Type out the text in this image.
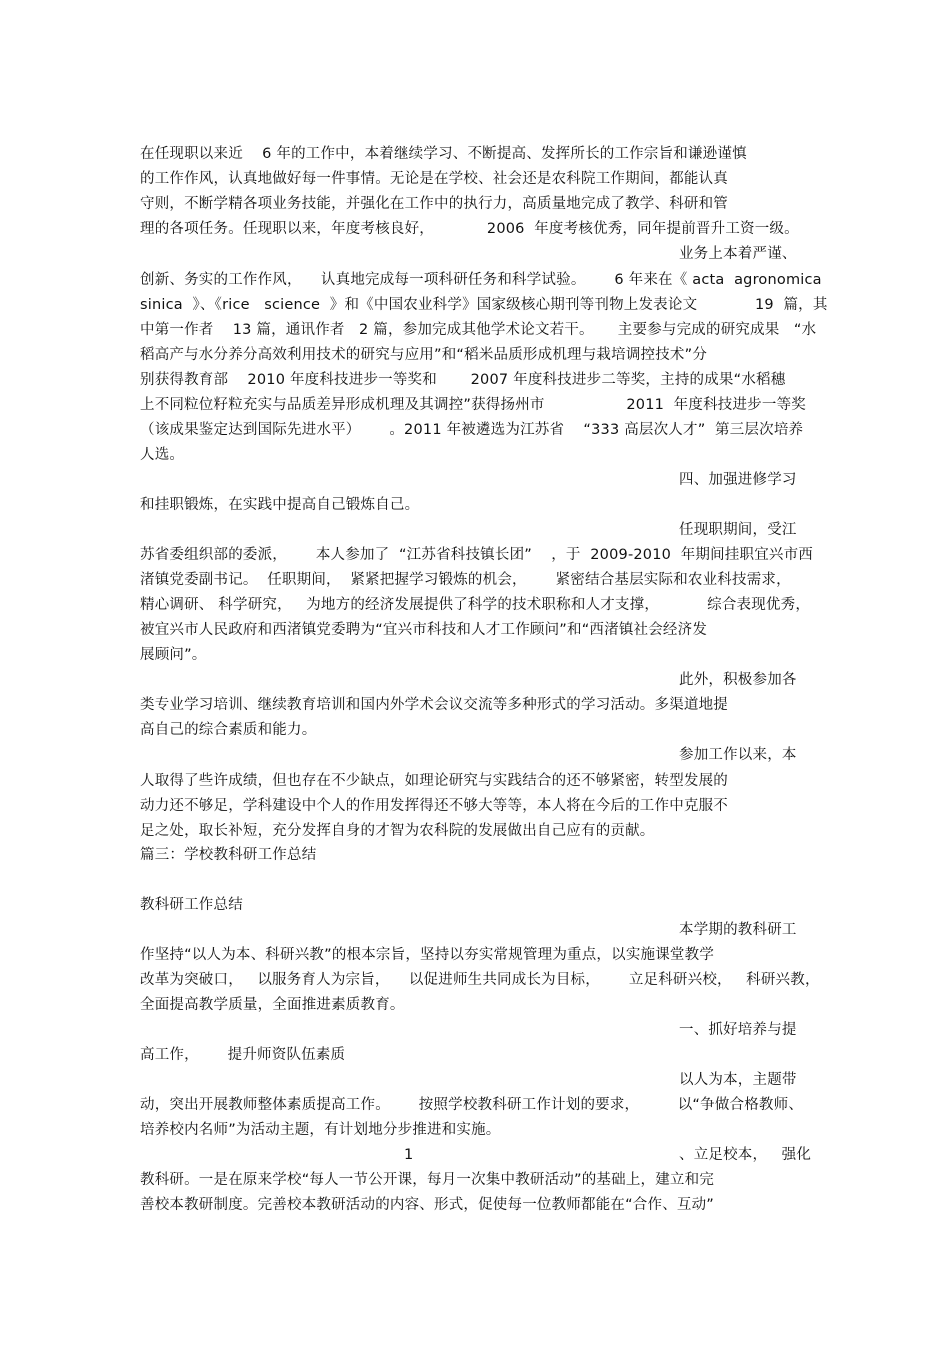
在任现职以来近    6 年的工作中，本着继续学习、不断提高、发挥所长的工作宗旨和谦逊谨慎
的工作作风，认真地做好每一件事情。无论是在学校、社会还是农科院工作期间，都能认真
守则，不断学精各项业务技能，并强化在工作中的执行力，高质量地完成了教学、科研和管
理的各项任务。任现职以来，年度考核良好，           2006  年度考核优秀，同年提前晋升工资一级。
业务上本着严谨、
创新、务实的工作作风，    认真地完成每一项科研任务和科学试验。      6 年来在《 acta  agronomica
sinica  》、《rice   science  》和《中国农业科学》国家级核心期刊等刊物上发表论文            19  篇，其
中第一作者    13 篇，通讯作者   2 篇，参加完成其他学术论文若干。     主要参与完成的研究成果   “水
稻高产与水分养分高效利用技术的研究与应用”和“稻米品质形成机理与栽培调控技术”分
别获得教育部    2010 年度科技进步一等奖和       2007 年度科技进步二等奖，主持的成果“水稻穗
上不同粒位籽粒充实与品质差异形成机理及其调控”获得扬州市                 2011  年度科技进步一等奖
（该成果鉴定达到国际先进水平）      。2011 年被遴选为江苏省    “333 高层次人才”  第三层次培养
人选。
四、加强进修学习
和挂职锻炼，在实践中提高自己锻炼自己。
任现职期间，受江
苏省委组织部的委派，      本人参加了  “江苏省科技镇长团”    ，于  2009-2010  年期间挂职宜兴市西
渚镇党委副书记。  任职期间，  紧紧把握学习锻炼的机会，      紧密结合基层实际和农业科技需求，
精心调研、 科学研究，   为地方的经济发展提供了科学的技术职称和人才支撑，          综合表现优秀，
被宜兴市人民政府和西渚镇党委聘为“宜兴市科技和人才工作顾问”和“西渚镇社会经济发
展顾问”。
此外，积极参加各
类专业学习培训、继续教育培训和国内外学术会议交流等多种形式的学习活动。多渠道地提
高自己的综合素质和能力。
参加工作以来，本
人取得了些许成绩，但也存在不少缺点，如理论研究与实践结合的还不够紧密，转型发展的
动力还不够足，学科建设中个人的作用发挥得还不够大等等，本人将在今后的工作中克服不
足之处，取长补短，充分发挥自身的才智为农科院的发展做出自己应有的贡献。
篇三：学校教科研工作总结
教科研工作总结
本学期的教科研工
作坚持“以人为本、科研兴教”的根本宗旨，坚持以夯实常规管理为重点，以实施课堂教学
改革为突破口，   以服务育人为宗旨，    以促进师生共同成长为目标，      立足科研兴校，   科研兴教，
全面提高教学质量，全面推进素质教育。
一、抓好培养与提
高工作，      提升师资队伍素质
以人为本，主题带
动，突出开展教师整体素质提高工作。      按照学校教科研工作计划的要求，        以“争做合格教师、
培养校内名师”为活动主题，有计划地分步推进和实施。
1	、立足校本，   强化
教科研。一是在原来学校“每人一节公开课，每月一次集中教研活动”的基础上，建立和完
善校本教研制度。完善校本教研活动的内容、形式，促使每一位教师都能在“合作、互动”
